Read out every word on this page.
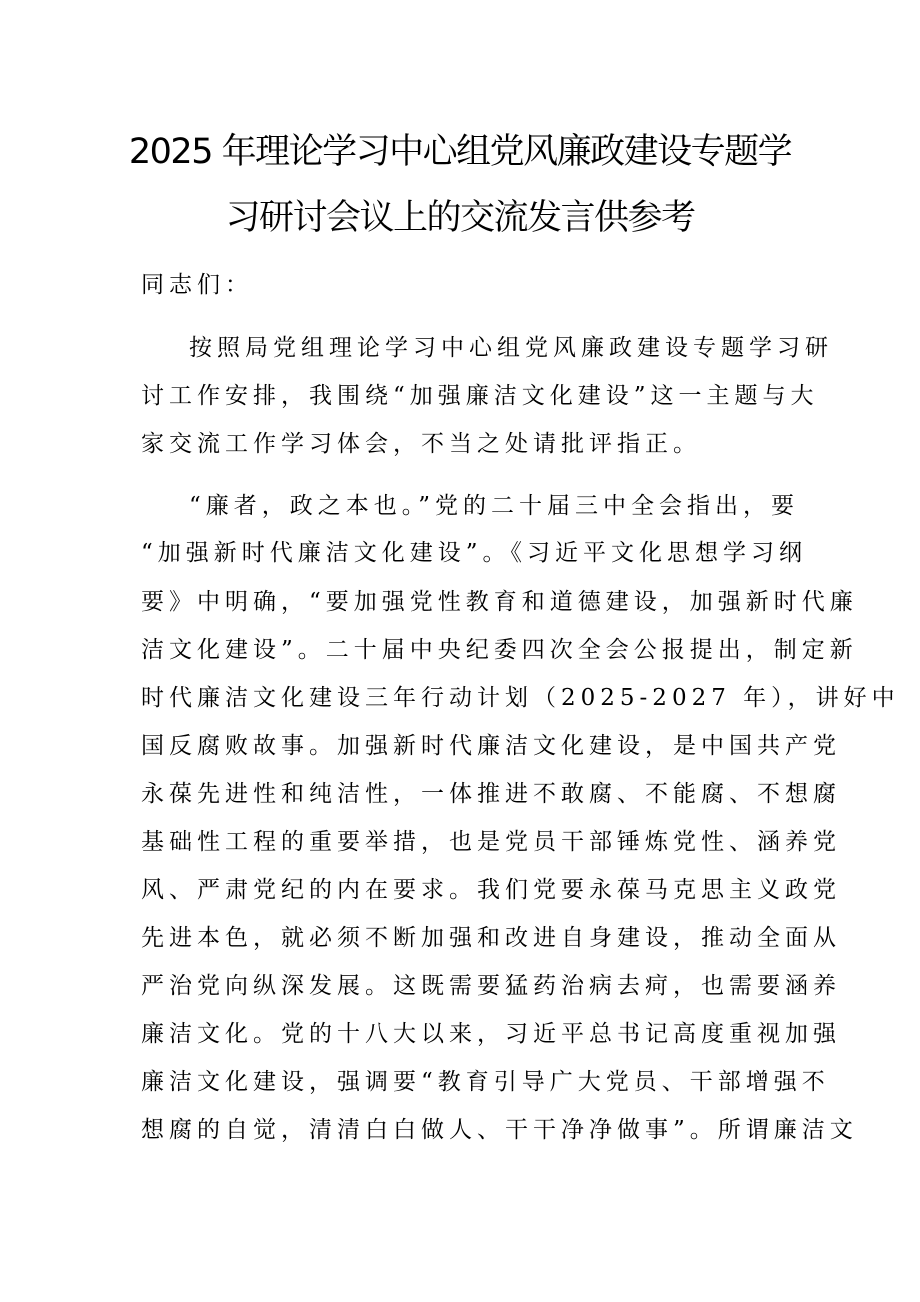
2025 年理论学习中心组党风廉政建设专题学
习研讨会议上的交流发言供参考
同志们：
按照局党组理论学习中心组党风廉政建设专题学习研
讨工作安排，我围绕“加强廉洁文化建设”这一主题与大
家交流工作学习体会，不当之处请批评指正。
“廉者，政之本也。”党的二十届三中全会指出，要
“加强新时代廉洁文化建设”。《习近平文化思想学习纲
要》中明确，“要加强党性教育和道德建设，加强新时代廉
洁文化建设”。二十届中央纪委四次全会公报提出，制定新
时代廉洁文化建设三年行动计划（2025-2027 年），讲好中
国反腐败故事。加强新时代廉洁文化建设，是中国共产党
永葆先进性和纯洁性，一体推进不敢腐、不能腐、不想腐
基础性工程的重要举措，也是党员干部锤炼党性、涵养党
风、严肃党纪的内在要求。我们党要永葆马克思主义政党
先进本色，就必须不断加强和改进自身建设，推动全面从
严治党向纵深发展。这既需要猛药治病去疴，也需要涵养
廉洁文化。党的十八大以来，习近平总书记高度重视加强
廉洁文化建设，强调要“教育引导广大党员、干部增强不
想腐的自觉，清清白白做人、干干净净做事”。所谓廉洁文
